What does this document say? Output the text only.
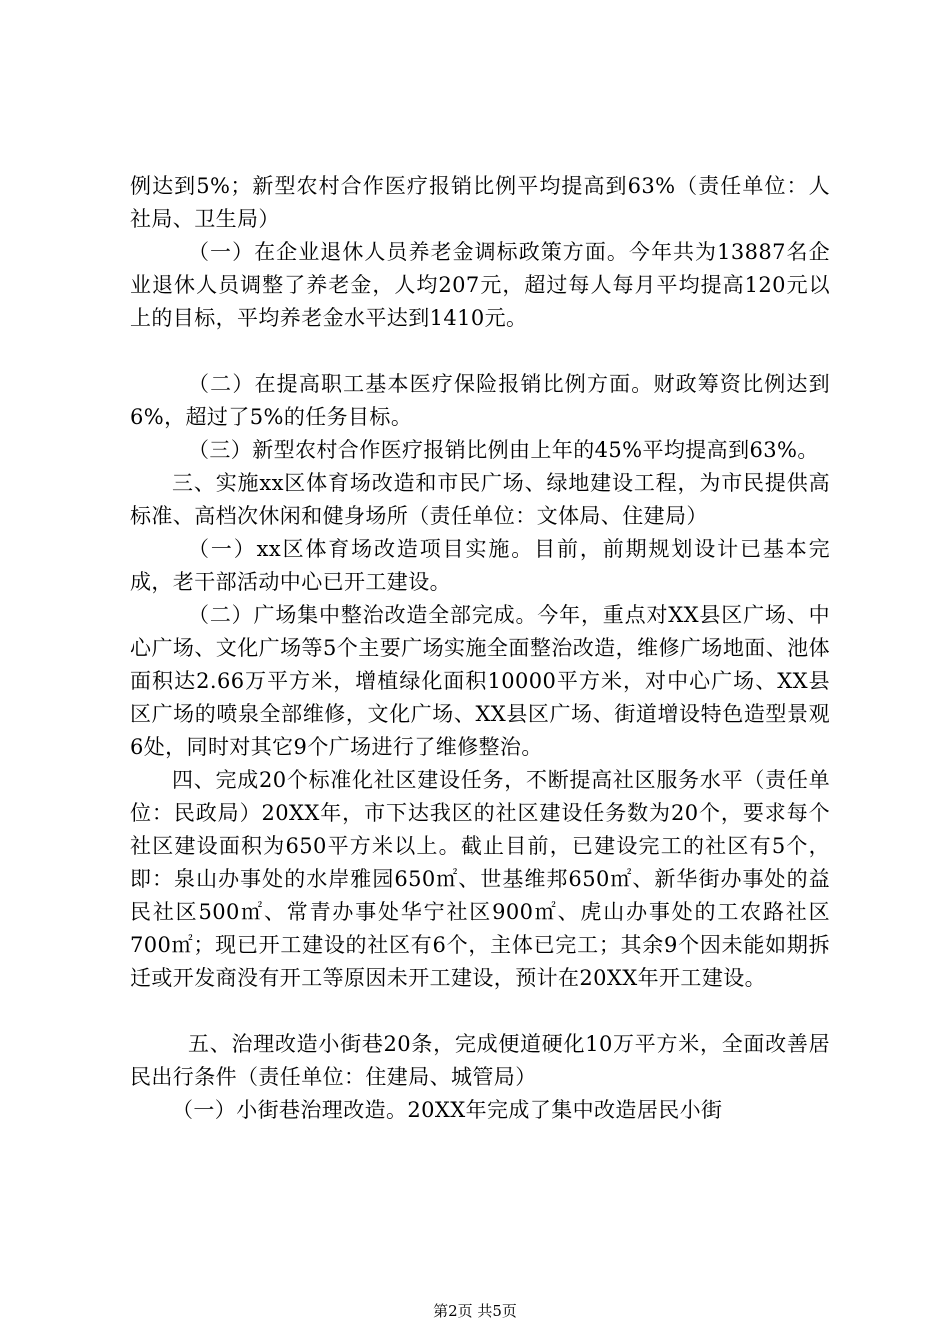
例达到5%；新型农村合作医疗报销比例平均提高到63%（责任单位：人社局、卫生局）

（一）在企业退休人员养老金调标政策方面。今年共为13887名企业退休人员调整了养老金，人均207元，超过每人每月平均提高120元以上的目标，平均养老金水平达到1410元。

（二）在提高职工基本医疗保险报销比例方面。财政筹资比例达到6%，超过了5%的任务目标。

（三）新型农村合作医疗报销比例由上年的45%平均提高到63%。

三、实施xx区体育场改造和市民广场、绿地建设工程，为市民提供高标准、高档次休闲和健身场所（责任单位：文体局、住建局）

（一）xx区体育场改造项目实施。目前，前期规划设计已基本完成，老干部活动中心已开工建设。

（二）广场集中整治改造全部完成。今年，重点对XX县区广场、中心广场、文化广场等5个主要广场实施全面整治改造，维修广场地面、池体面积达2.66万平方米，增植绿化面积10000平方米，对中心广场、XX县区广场的喷泉全部维修，文化广场、XX县区广场、街道增设特色造型景观6处，同时对其它9个广场进行了维修整治。

四、完成20个标准化社区建设任务，不断提高社区服务水平（责任单位：民政局）20XX年，市下达我区的社区建设任务数为20个，要求每个社区建设面积为650平方米以上。截止目前，已建设完工的社区有5个，即：泉山办事处的水岸雅园650㎡、世基维邦650㎡、新华街办事处的益民社区500㎡、常青办事处华宁社区900㎡、虎山办事处的工农路社区700㎡；现已开工建设的社区有6个，主体已完工；其余9个因未能如期拆迁或开发商没有开工等原因未开工建设，预计在20XX年开工建设。

五、治理改造小街巷20条，完成便道硬化10万平方米，全面改善居民出行条件（责任单位：住建局、城管局）

（一）小街巷治理改造。20XX年完成了集中改造居民小街

第2页 共5页
